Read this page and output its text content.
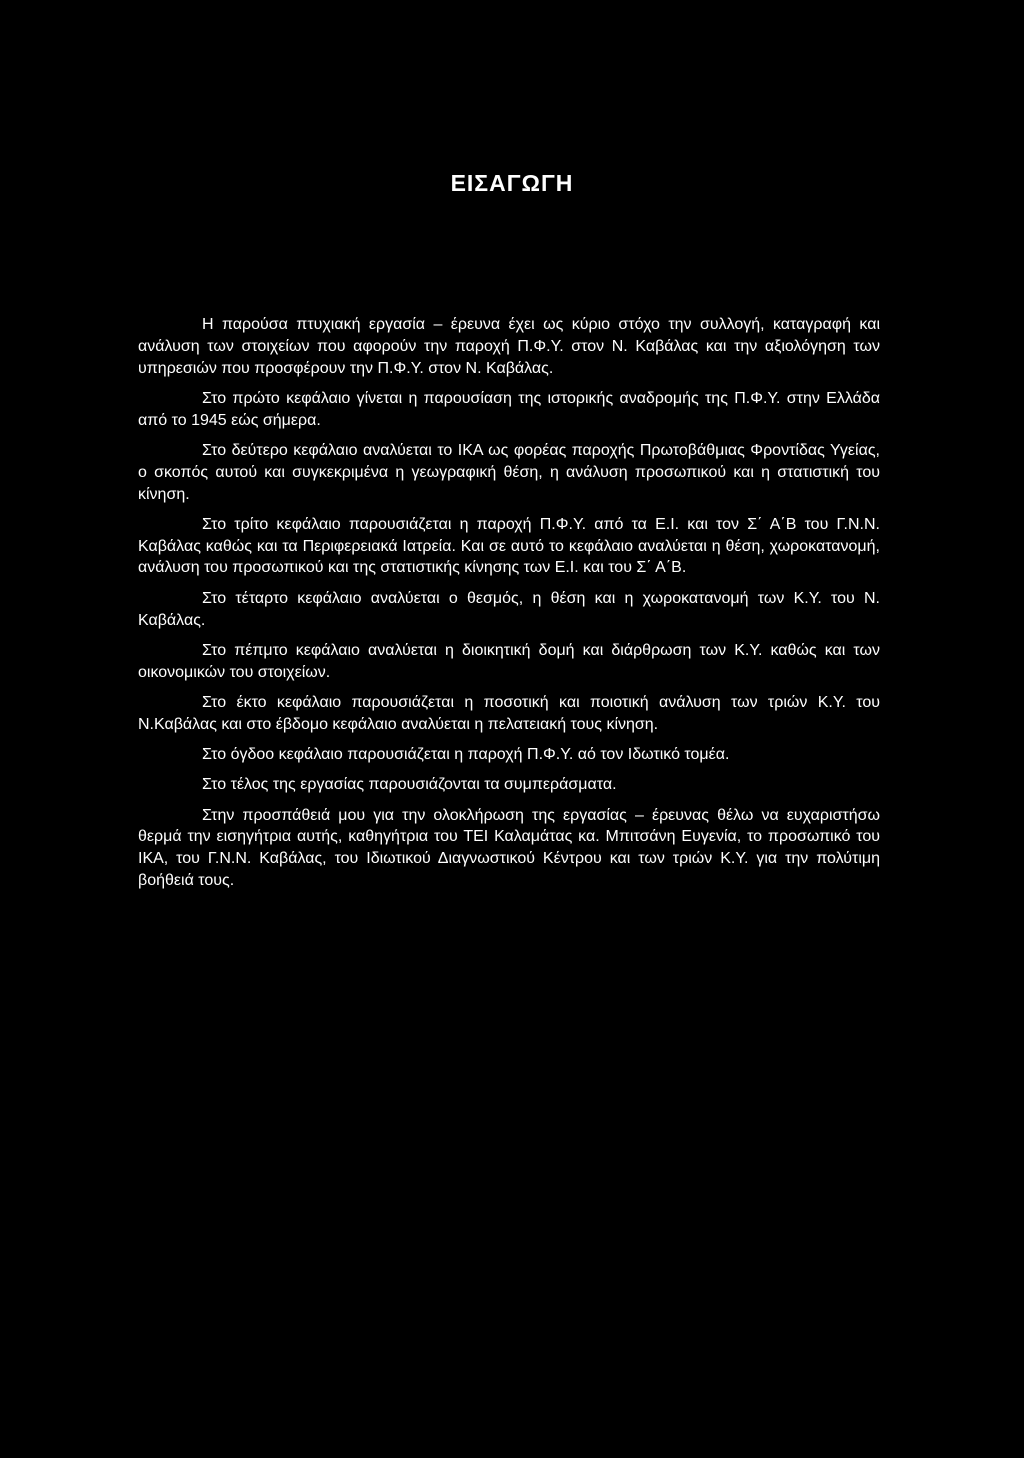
ΕΙΣΑΓΩΓΗ

Η παρούσα πτυχιακή εργασία – έρευνα έχει ως κύριο στόχο την συλλογή, καταγραφή και ανάλυση των στοιχείων που αφορούν την παροχή Π.Φ.Υ. στον Ν. Καβάλας και την αξιολόγηση των υπηρεσιών που προσφέρουν την Π.Φ.Υ. στον Ν. Καβάλας.

Στο πρώτο κεφάλαιο γίνεται η παρουσίαση της ιστορικής αναδρομής της Π.Φ.Υ. στην Ελλάδα από το 1945 εώς σήμερα.

Στο δεύτερο κεφάλαιο αναλύεται το ΙΚΑ ως φορέας παροχής Πρωτοβάθμιας Φροντίδας Υγείας, ο σκοπός αυτού και συγκεκριμένα η γεωγραφική θέση, η ανάλυση προσωπικού και η στατιστική του κίνηση.

Στο τρίτο κεφάλαιο παρουσιάζεται η παροχή Π.Φ.Υ. από τα Ε.Ι. και τον Σ΄ Α΄Β του Γ.Ν.Ν. Καβάλας καθώς και τα Περιφερειακά Ιατρεία. Και σε αυτό το κεφάλαιο αναλύεται η θέση, χωροκατανομή, ανάλυση του προσωπικού και της στατιστικής κίνησης των Ε.Ι. και του Σ΄ Α΄Β.

Στο τέταρτο κεφάλαιο αναλύεται ο θεσμός, η θέση και η χωροκατανομή των Κ.Υ. του Ν. Καβάλας.

Στο πέπμτο κεφάλαιο αναλύεται η διοικητική δομή και διάρθρωση των Κ.Υ. καθώς και των οικονομικών του στοιχείων.

Στο έκτο κεφάλαιο παρουσιάζεται η ποσοτική και ποιοτική ανάλυση των τριών Κ.Υ. του Ν.Καβάλας και στο έβδομο κεφάλαιο αναλύεται η πελατειακή τους κίνηση.

Στο όγδοο κεφάλαιο παρουσιάζεται η παροχή Π.Φ.Υ. αό τον Ιδωτικό τομέα.

Στο τέλος της εργασίας παρουσιάζονται τα συμπεράσματα.

Στην προσπάθειά μου για την ολοκλήρωση της εργασίας – έρευνας θέλω να ευχαριστήσω θερμά την εισηγήτρια αυτής, καθηγήτρια του ΤΕΙ Καλαμάτας κα. Μπιτσάνη Ευγενία, το προσωπικό του ΙΚΑ, του Γ.Ν.Ν. Καβάλας, του Ιδιωτικού Διαγνωστικού Κέντρου και των τριών Κ.Υ. για την πολύτιμη βοήθειά τους.
